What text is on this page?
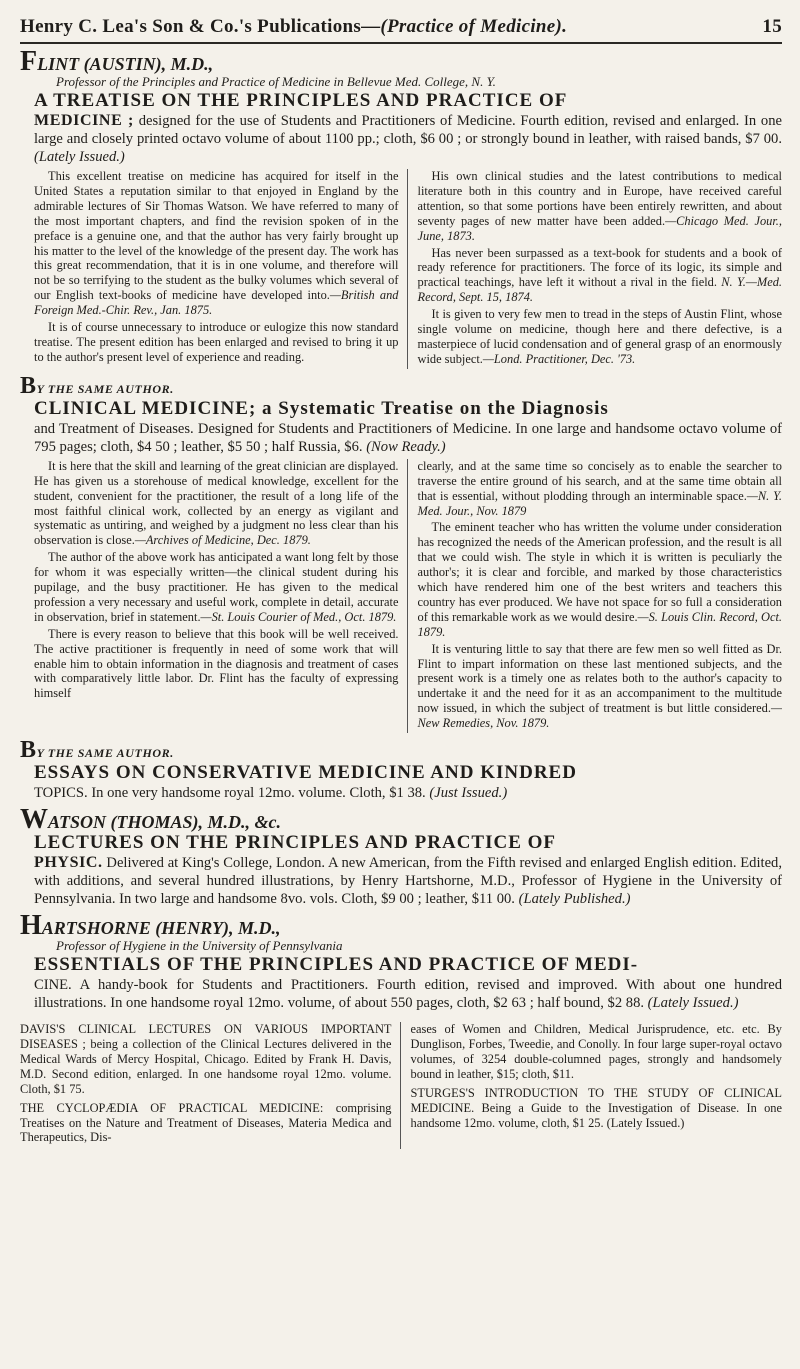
Henry C. Lea's Son & Co.'s Publications—(Practice of Medicine).	15
FLINT (AUSTIN), M.D.,
Professor of the Principles and Practice of Medicine in Bellevue Med. College, N. Y.
A TREATISE ON THE PRINCIPLES AND PRACTICE OF
MEDICINE ; designed for the use of Students and Practitioners of Medicine. Fourth edition, revised and enlarged. In one large and closely printed octavo volume of about 1100 pp.; cloth, $6 00 ; or strongly bound in leather, with raised bands, $7 00. (Lately Issued.)

This excellent treatise on medicine has acquired for itself in the United States a reputation similar to that enjoyed in England by the admirable lectures of Sir Thomas Watson. We have referred to many of the most important chapters, and find the revision spoken of in the preface is a genuine one, and that the author has very fairly brought up his matter to the level of the knowledge of the present day. The work has this great recommendation, that it is in one volume, and therefore will not be so terrifying to the student as the bulky volumes which several of our English text-books of medicine have developed into.—British and Foreign Med.-Chir. Rev., Jan. 1875.

It is of course unnecessary to introduce or eulogize this now standard treatise. The present edition has been enlarged and revised to bring it up to the author's present level of experience and reading.

His own clinical studies and the latest contributions to medical literature both in this country and in Europe, have received careful attention, so that some portions have been entirely rewritten, and about seventy pages of new matter have been added.—Chicago Med. Jour., June, 1873.

Has never been surpassed as a text-book for students and a book of ready reference for practitioners. The force of its logic, its simple and practical teachings, have left it without a rival in the field. N. Y.—Med. Record, Sept. 15, 1874.

It is given to very few men to tread in the steps of Austin Flint, whose single volume on medicine, though here and there defective, is a masterpiece of lucid condensation and of general grasp of an enormously wide subject.—Lond. Practitioner, Dec. '73.

BY THE SAME AUTHOR.
CLINICAL MEDICINE; a Systematic Treatise on the Diagnosis
and Treatment of Diseases. Designed for Students and Practitioners of Medicine. In one large and handsome octavo volume of 795 pages; cloth, $4 50 ; leather, $5 50 ; half Russia, $6. (Now Ready.)

It is here that the skill and learning of the great clinician are displayed. He has given us a storehouse of medical knowledge, excellent for the student, convenient for the practitioner, the result of a long life of the most faithful clinical work, collected by an energy as vigilant and systematic as untiring, and weighed by a judgment no less clear than his observation is close.—Archives of Medicine, Dec. 1879.

The author of the above work has anticipated a want long felt by those for whom it was especially written—the clinical student during his pupilage, and the busy practitioner. He has given to the medical profession a very necessary and useful work, complete in detail, accurate in observation, brief in statement.—St. Louis Courier of Med., Oct. 1879.

There is every reason to believe that this book will be well received. The active practitioner is frequently in need of some work that will enable him to obtain information in the diagnosis and treatment of cases with comparatively little labor. Dr. Flint has the faculty of expressing himself

clearly, and at the same time so concisely as to enable the searcher to traverse the entire ground of his search, and at the same time obtain all that is essential, without plodding through an interminable space.—N. Y. Med. Jour., Nov. 1879

The eminent teacher who has written the volume under consideration has recognized the needs of the American profession, and the result is all that we could wish. The style in which it is written is peculiarly the author's; it is clear and forcible, and marked by those characteristics which have rendered him one of the best writers and teachers this country has ever produced. We have not space for so full a consideration of this remarkable work as we would desire.—S. Louis Clin. Record, Oct. 1879.

It is venturing little to say that there are few men so well fitted as Dr. Flint to impart information on these last mentioned subjects, and the present work is a timely one as relates both to the author's capacity to undertake it and the need for it as an accompaniment to the multitude now issued, in which the subject of treatment is but little considered.—New Remedies, Nov. 1879.

BY THE SAME AUTHOR.
ESSAYS ON CONSERVATIVE MEDICINE AND KINDRED
TOPICS. In one very handsome royal 12mo. volume. Cloth, $1 38. (Just Issued.)
WATSON (THOMAS), M.D., &c.
LECTURES ON THE PRINCIPLES AND PRACTICE OF
PHYSIC. Delivered at King's College, London. A new American, from the Fifth revised and enlarged English edition. Edited, with additions, and several hundred illustrations, by Henry Hartshorne, M.D., Professor of Hygiene in the University of Pennsylvania. In two large and handsome 8vo. vols. Cloth, $9 00 ; leather, $11 00. (Lately Published.)
HARTSHORNE (HENRY), M.D.,
Professor of Hygiene in the University of Pennsylvania
ESSENTIALS OF THE PRINCIPLES AND PRACTICE OF MEDI-
CINE. A handy-book for Students and Practitioners. Fourth edition, revised and improved. With about one hundred illustrations. In one handsome royal 12mo. volume, of about 550 pages, cloth, $2 63 ; half bound, $2 88. (Lately Issued.)

DAVIS'S CLINICAL LECTURES ON VARIOUS IMPORTANT DISEASES ; being a collection of the Clinical Lectures delivered in the Medical Wards of Mercy Hospital, Chicago. Edited by Frank H. Davis, M.D. Second edition, enlarged. In one handsome royal 12mo. volume. Cloth, $1 75.

THE CYCLOPÆDIA OF PRACTICAL MEDICINE: comprising Treatises on the Nature and Treatment of Diseases, Materia Medica and Therapeutics, Dis-

eases of Women and Children, Medical Jurisprudence, etc. etc. By Dunglison, Forbes, Tweedie, and Conolly. In four large super-royal octavo volumes, of 3254 double-columned pages, strongly and handsomely bound in leather, $15; cloth, $11.

STURGES'S INTRODUCTION TO THE STUDY OF CLINICAL MEDICINE. Being a Guide to the Investigation of Disease. In one handsome 12mo. volume, cloth, $1 25. (Lately Issued.)
